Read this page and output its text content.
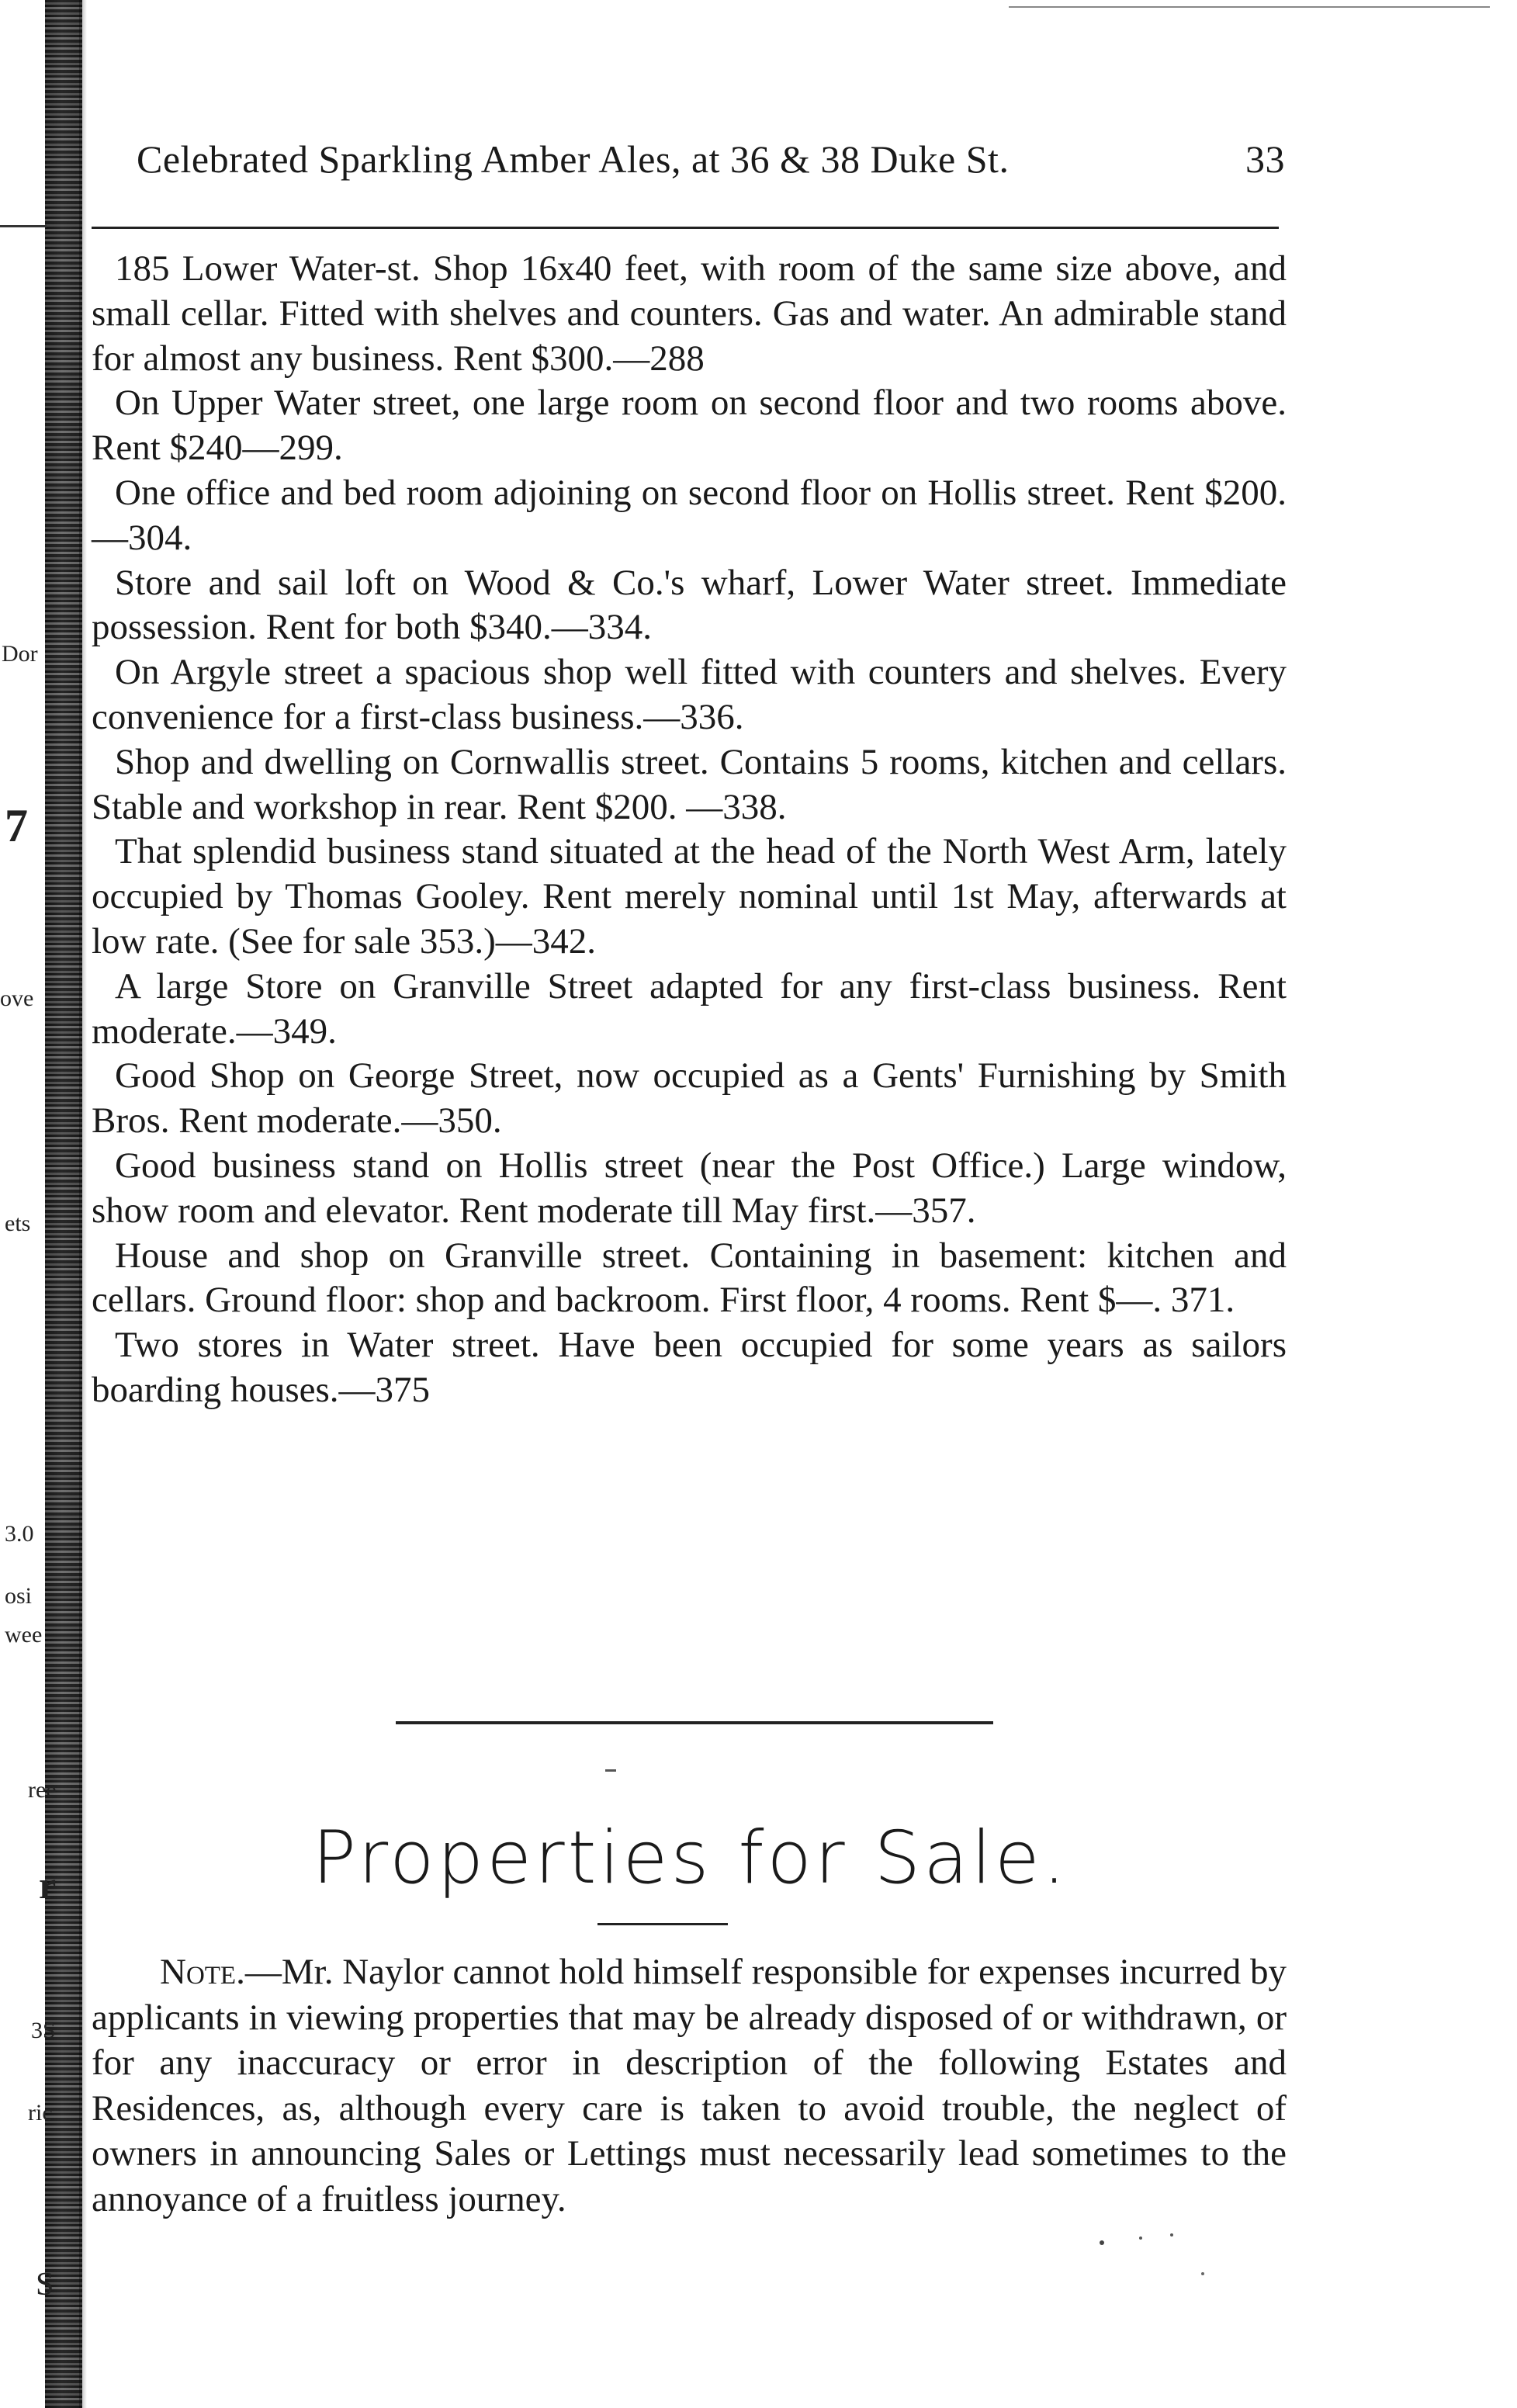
Dor
7
ove
ets
3.0
osi
wee
ree
r
3S
ric
S
Celebrated Sparkling Amber Ales, at 36 & 38 Duke St.	33

185 Lower Water-st. Shop 16x40 feet, with room of the same size above, and small cellar. Fitted with shelves and counters. Gas and water. An admirable stand for almost any business. Rent $300.—288

On Upper Water street, one large room on second floor and two rooms above. Rent $240—299.

One office and bed room adjoining on second floor on Hollis street. Rent $200.—304.

Store and sail loft on Wood & Co.'s wharf, Lower Water street. Immediate possession. Rent for both $340.—334.

On Argyle street a spacious shop well fitted with counters and shelves. Every convenience for a first-class business.—336.

Shop and dwelling on Cornwallis street. Contains 5 rooms, kitchen and cellars. Stable and workshop in rear. Rent $200. —338.

That splendid business stand situated at the head of the North West Arm, lately occupied by Thomas Gooley. Rent merely nominal until 1st May, afterwards at low rate. (See for sale 353.)—342.

A large Store on Granville Street adapted for any first-class business. Rent moderate.—349.

Good Shop on George Street, now occupied as a Gents' Furnishing by Smith Bros. Rent moderate.—350.

Good business stand on Hollis street (near the Post Office.) Large window, show room and elevator. Rent moderate till May first.—357.

House and shop on Granville street. Containing in basement: kitchen and cellars. Ground floor: shop and backroom. First floor, 4 rooms. Rent $—. 371.

Two stores in Water street. Have been occupied for some years as sailors boarding houses.—375

Properties for Sale.

Note.—Mr. Naylor cannot hold himself responsible for expenses incurred by applicants in viewing properties that may be already disposed of or withdrawn, or for any inaccuracy or error in description of the following Estates and Residences, as, although every care is taken to avoid trouble, the neglect of owners in announcing Sales or Lettings must necessarily lead sometimes to the annoyance of a fruitless journey.
